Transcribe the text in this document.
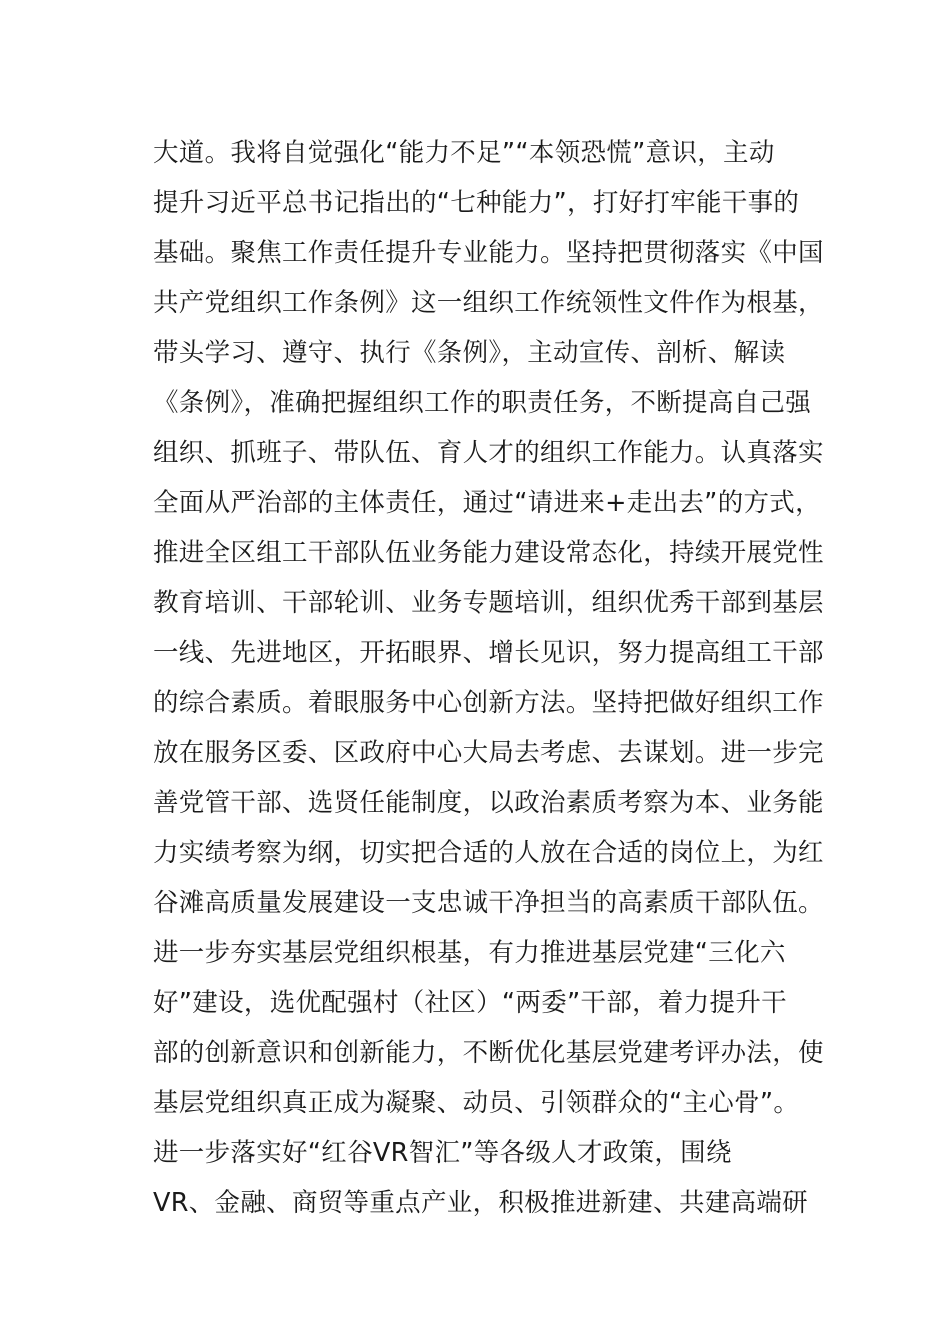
大道。我将自觉强化“能力不足”“本领恐慌”意识，主动
提升习近平总书记指出的“七种能力”，打好打牢能干事的
基础。聚焦工作责任提升专业能力。坚持把贯彻落实《中国
共产党组织工作条例》这一组织工作统领性文件作为根基，
带头学习、遵守、执行《条例》，主动宣传、剖析、解读
《条例》，准确把握组织工作的职责任务，不断提高自己强
组织、抓班子、带队伍、育人才的组织工作能力。认真落实
全面从严治部的主体责任，通过“请进来+走出去”的方式，
推进全区组工干部队伍业务能力建设常态化，持续开展党性
教育培训、干部轮训、业务专题培训，组织优秀干部到基层
一线、先进地区，开拓眼界、增长见识，努力提高组工干部
的综合素质。着眼服务中心创新方法。坚持把做好组织工作
放在服务区委、区政府中心大局去考虑、去谋划。进一步完
善党管干部、选贤任能制度，以政治素质考察为本、业务能
力实绩考察为纲，切实把合适的人放在合适的岗位上，为红
谷滩高质量发展建设一支忠诚干净担当的高素质干部队伍。
进一步夯实基层党组织根基，有力推进基层党建“三化六
好”建设，选优配强村（社区）“两委”干部，着力提升干
部的创新意识和创新能力，不断优化基层党建考评办法，使
基层党组织真正成为凝聚、动员、引领群众的“主心骨”。
进一步落实好“红谷VR智汇”等各级人才政策，围绕
VR、金融、商贸等重点产业，积极推进新建、共建高端研
